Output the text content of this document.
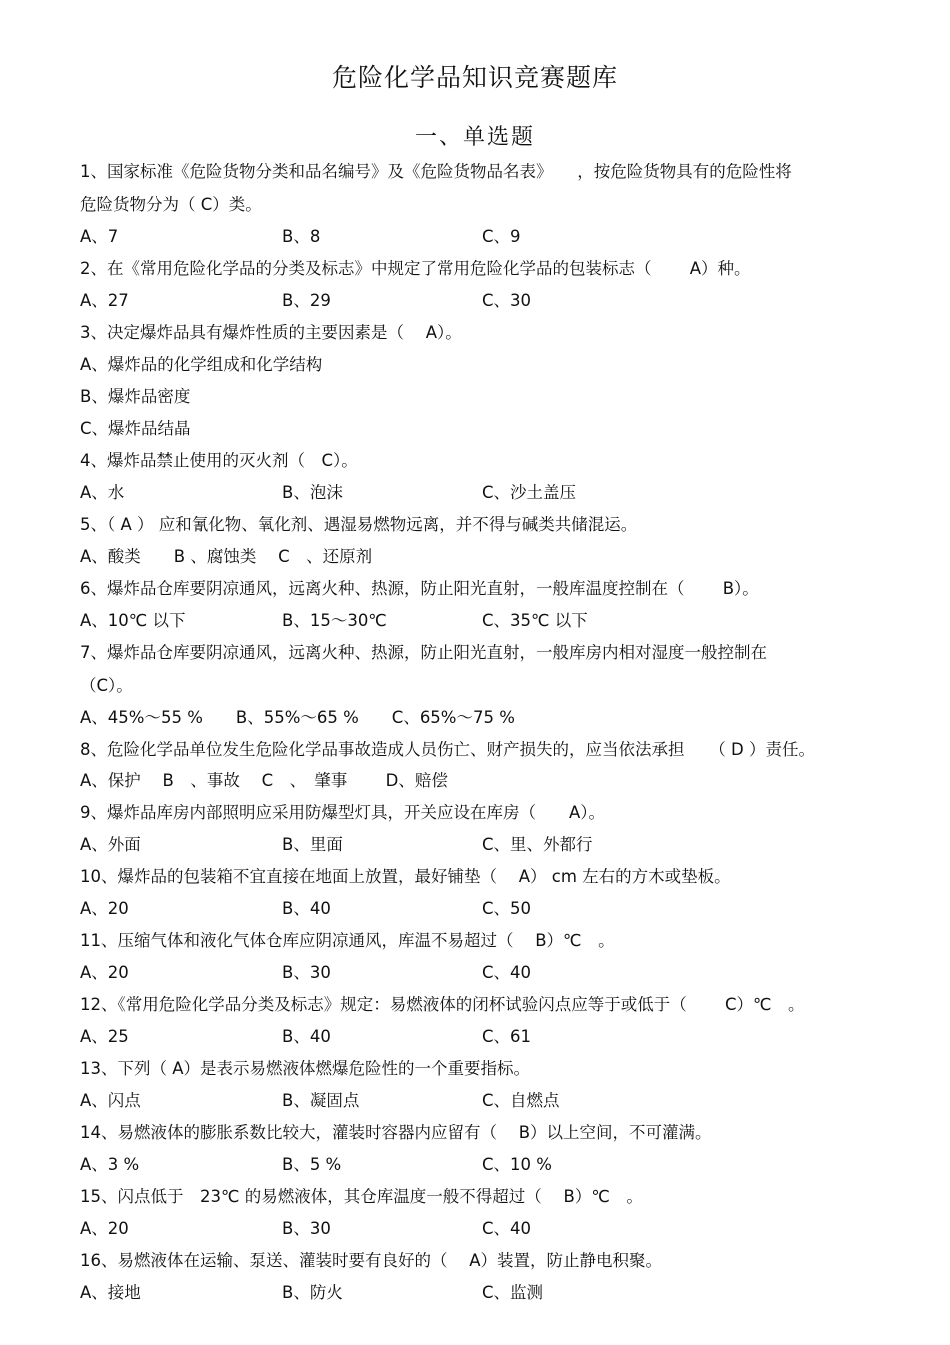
危险化学品知识竞赛题库
一、单选题
1、国家标准《危险货物分类和品名编号》及《危险货物品名表》　　，按危险货物具有的危险性将
危险货物分为（ C）类。
A、7	B、8	C、9
2、在《常用危险化学品的分类及标志》中规定了常用危险化学品的包装标志（　　 A）种。
A、27	B、29	C、30
3、决定爆炸品具有爆炸性质的主要因素是（　 A）。
A、爆炸品的化学组成和化学结构
B、爆炸品密度
C、爆炸品结晶
4、爆炸品禁止使用的灭火剂（　C）。
A、水	B、泡沫	C、沙土盖压
5、（ A ） 应和氰化物、氧化剂、遇湿易燃物远离，并不得与碱类共储混运。
A、酸类　　B 、腐蚀类　 C　、还原剂
6、爆炸品仓库要阴凉通风，远离火种、热源，防止阳光直射，一般库温度控制在（　　 B）。
A、10℃ 以下	B、15～30℃	C、35℃ 以下
7、爆炸品仓库要阴凉通风，远离火种、热源，防止阳光直射，一般库房内相对湿度一般控制在
（C）。
A、45%～55 %　　B、55%～65 %　　C、65%～75 %
8、危险化学品单位发生危险化学品事故造成人员伤亡、财产损失的，应当依法承担　　（ D ）责任。
A、保护　 B　、事故　 C　、　肇事　　 D、赔偿
9、爆炸品库房内部照明应采用防爆型灯具，开关应设在库房（　　A）。
A、外面	B、里面	C、里、外都行
10、爆炸品的包装箱不宜直接在地面上放置，最好铺垫（　 A） cm 左右的方木或垫板。
A、20	B、40	C、50
11、压缩气体和液化气体仓库应阴凉通风，库温不易超过（　 B）℃　。
A、20	B、30	C、40
12、《常用危险化学品分类及标志》规定：易燃液体的闭杯试验闪点应等于或低于（　　 C）℃　。
A、25	B、40	C、61
13、下列（ A）是表示易燃液体燃爆危险性的一个重要指标。
A、闪点	B、凝固点	C、自燃点
14、易燃液体的膨胀系数比较大，灌装时容器内应留有（　 B）以上空间，不可灌满。
A、3 %	B、5 %	C、10 %
15、闪点低于　23℃ 的易燃液体，其仓库温度一般不得超过（　 B）℃　。
A、20	B、30	C、40
16、易燃液体在运输、泵送、灌装时要有良好的（　 A）装置，防止静电积聚。
A、接地	B、防火	C、监测
